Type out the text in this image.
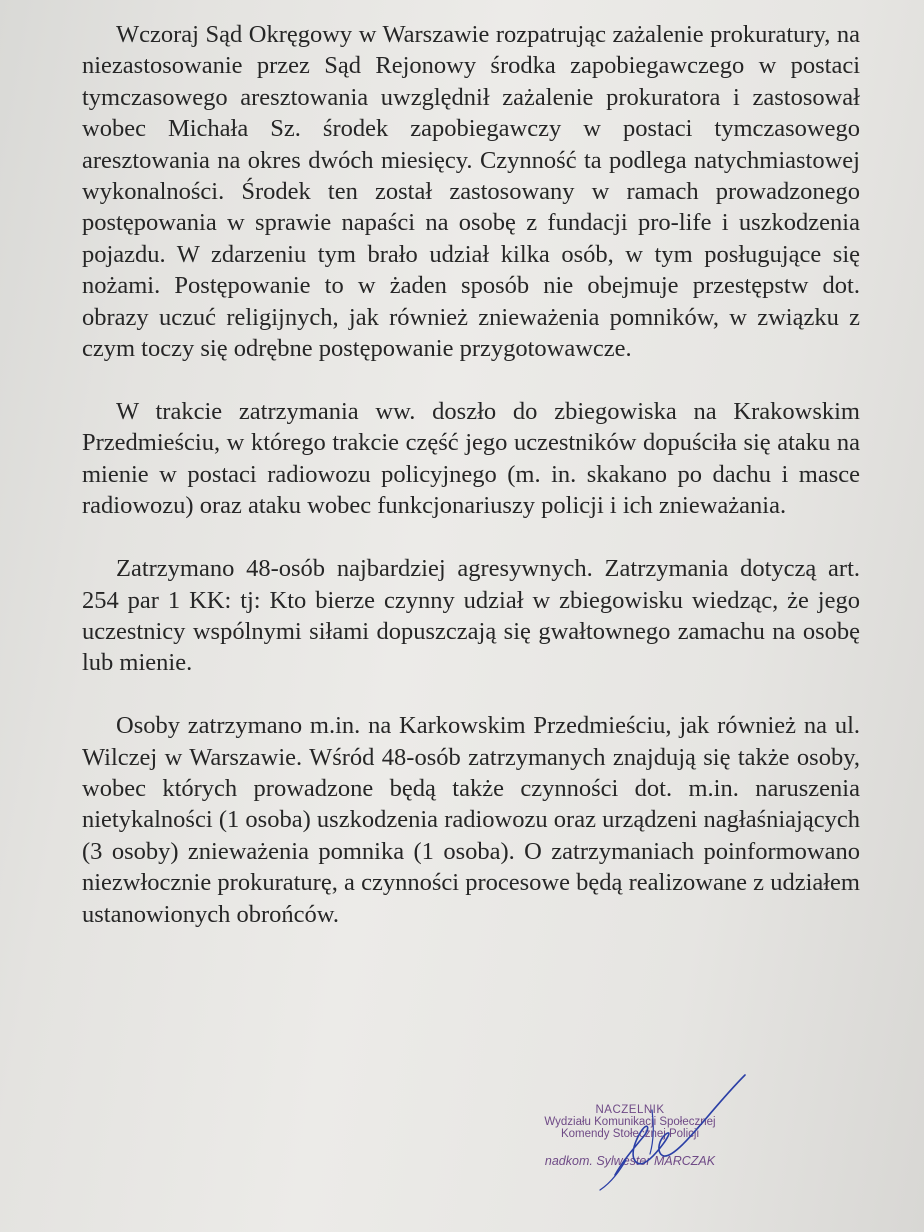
Wczoraj Sąd Okręgowy w Warszawie rozpatrując zażalenie prokuratury, na niezastosowanie przez Sąd Rejonowy środka zapobiegawczego w postaci tymczasowego aresztowania uwzględnił zażalenie prokuratora i zastosował wobec Michała Sz. środek zapobiegawczy w postaci tymczasowego aresztowania na okres dwóch miesięcy. Czynność ta podlega natychmiastowej wykonalności. Środek ten został zastosowany w ramach prowadzonego postępowania w sprawie napaści na osobę z fundacji pro-life i uszkodzenia pojazdu. W zdarzeniu tym brało udział kilka osób, w tym posługujące się nożami. Postępowanie to w żaden sposób nie obejmuje przestępstw dot. obrazy uczuć religijnych, jak również znieważenia pomników, w związku z czym toczy się odrębne postępowanie przygotowawcze.

W trakcie zatrzymania ww. doszło do zbiegowiska na Krakowskim Przedmieściu, w którego trakcie część jego uczestników dopuściła się ataku na mienie w postaci radiowozu policyjnego (m. in. skakano po dachu i masce radiowozu) oraz ataku wobec funkcjonariuszy policji i ich znieważania.

Zatrzymano 48-osób najbardziej agresywnych. Zatrzymania dotyczą art. 254 par 1 KK: tj: Kto bierze czynny udział w zbiegowisku wiedząc, że jego uczestnicy wspólnymi siłami dopuszczają się gwałtownego zamachu na osobę lub mienie.

Osoby zatrzymano m.in. na Karkowskim Przedmieściu, jak również na ul. Wilczej w Warszawie. Wśród 48-osób zatrzymanych znajdują się także osoby, wobec których prowadzone będą także czynności dot. m.in. naruszenia nietykalności (1 osoba) uszkodzenia radiowozu oraz urządzeni nagłaśniających (3 osoby) znieważenia pomnika (1 osoba). O zatrzymaniach poinformowano niezwłocznie prokuraturę, a czynności procesowe będą realizowane z udziałem ustanowionych obrońców.

NACZELNIK
Wydziału Komunikacji Społecznej
Komendy Stołecznej Policji
nadkom. Sylwester MARCZAK
